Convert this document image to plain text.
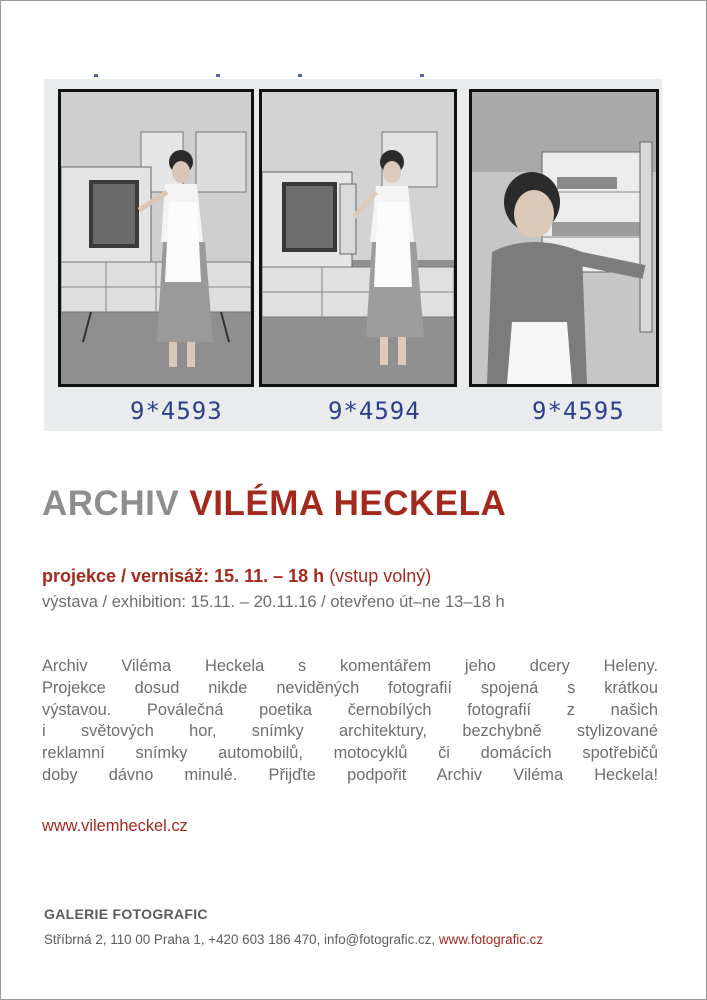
9*4593	9*4594	9*4595
ARCHIV VILÉMA HECKELA
projekce / vernisáž: 15. 11. – 18 h (vstup volný)
výstava / exhibition: 15.11. – 20.11.16 / otevřeno út–ne 13–18 h
Archiv Viléma Heckela s komentářem jeho dcery Heleny.
Projekce dosud nikde neviděných fotografií spojená s krátkou
výstavou. Poválečná poetika černobílých fotografií z našich
i světových hor, snímky architektury, bezchybně stylizované
reklamní snímky automobilů, motocyklů či domácích spotřebičů
doby dávno minulé. Přijďte podpořit Archiv Viléma Heckela!
www.vilemheckel.cz
GALERIE FOTOGRAFIC
Stříbrná 2, 110 00 Praha 1, +420 603 186 470, info@fotografic.cz, www.fotografic.cz
